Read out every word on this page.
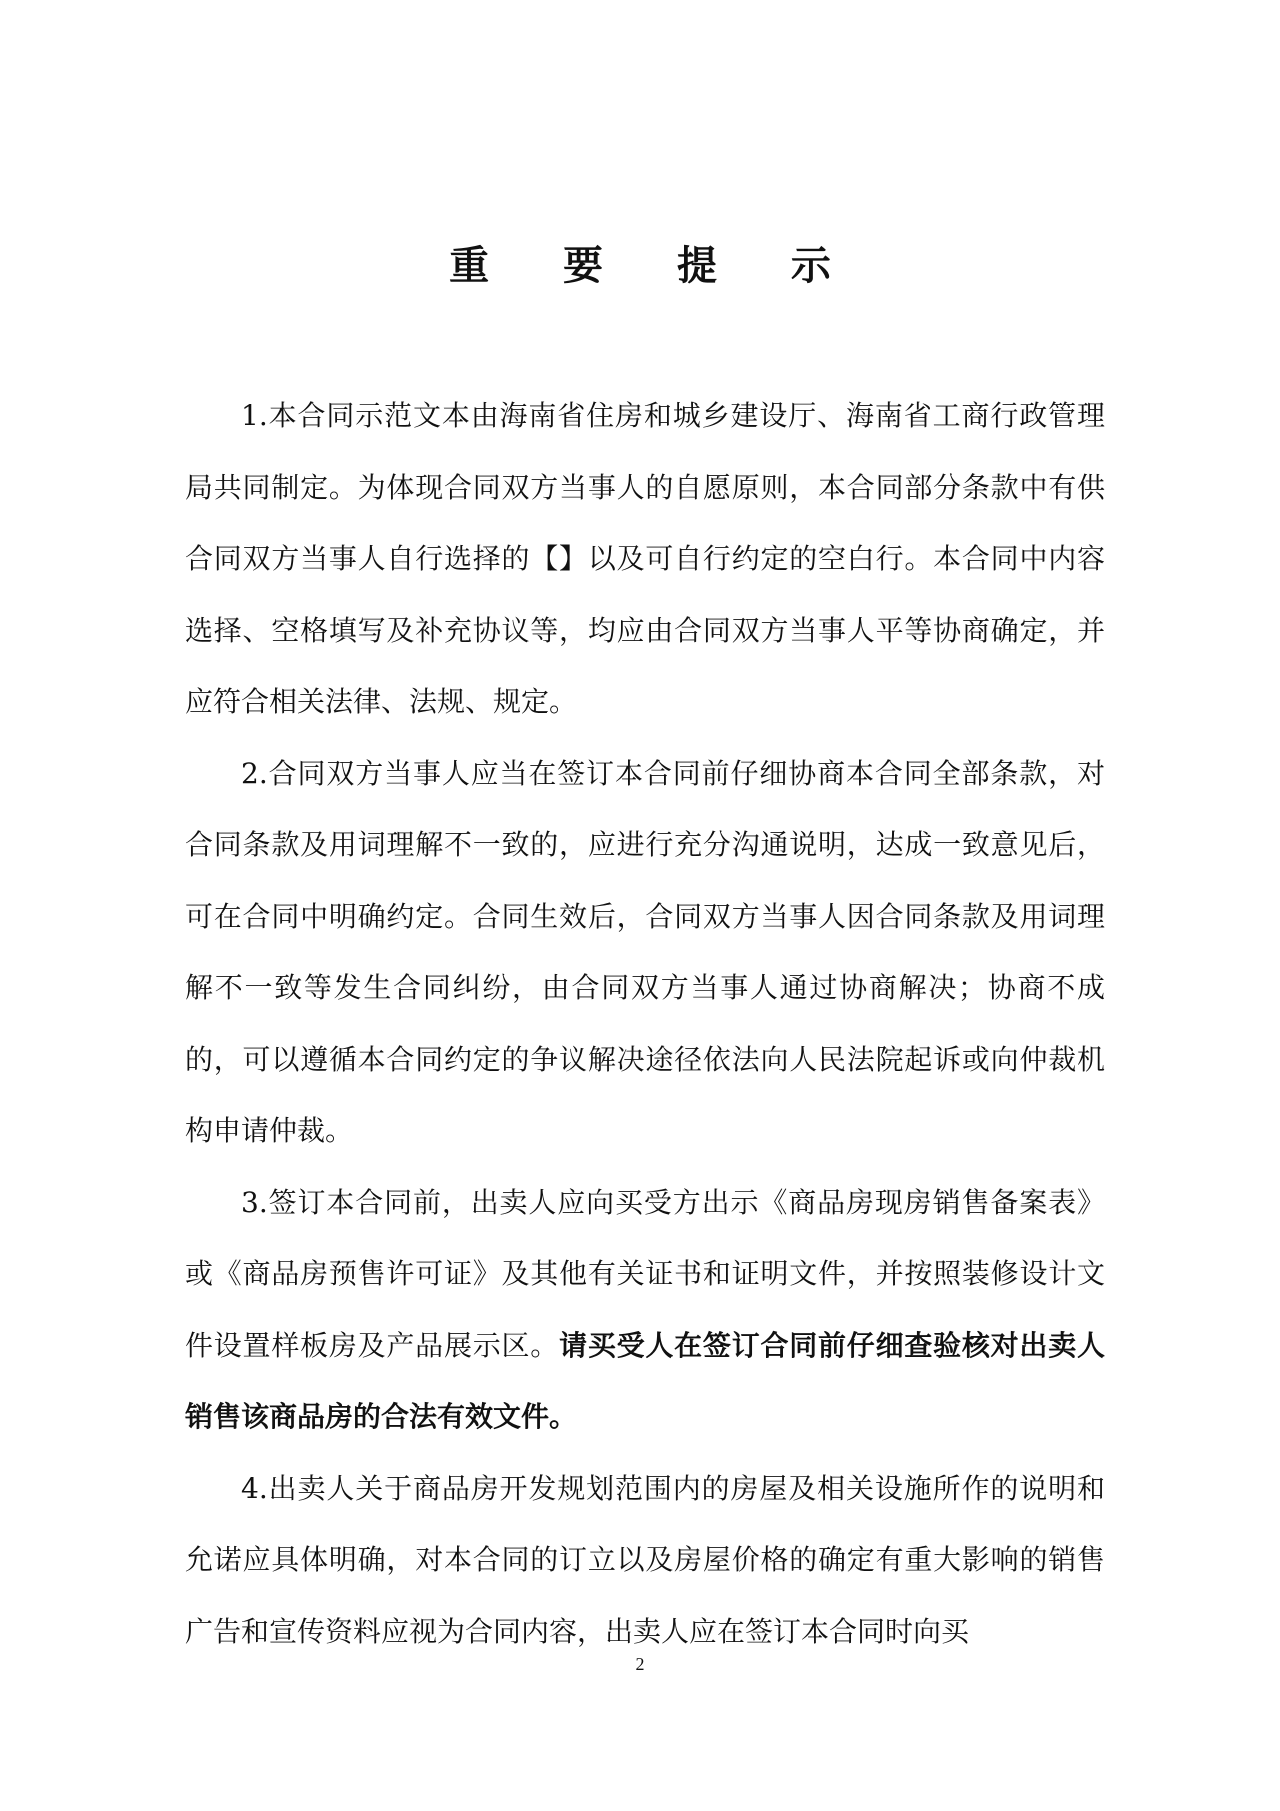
重 要 提 示

1.本合同示范文本由海南省住房和城乡建设厅、海南省工商行政管理局共同制定。为体现合同双方当事人的自愿原则，本合同部分条款中有供合同双方当事人自行选择的【】以及可自行约定的空白行。本合同中内容选择、空格填写及补充协议等，均应由合同双方当事人平等协商确定，并应符合相关法律、法规、规定。

2.合同双方当事人应当在签订本合同前仔细协商本合同全部条款，对合同条款及用词理解不一致的，应进行充分沟通说明，达成一致意见后，可在合同中明确约定。合同生效后，合同双方当事人因合同条款及用词理解不一致等发生合同纠纷，由合同双方当事人通过协商解决；协商不成的，可以遵循本合同约定的争议解决途径依法向人民法院起诉或向仲裁机构申请仲裁。

3.签订本合同前，出卖人应向买受方出示《商品房现房销售备案表》或《商品房预售许可证》及其他有关证书和证明文件，并按照装修设计文件设置样板房及产品展示区。请买受人在签订合同前仔细查验核对出卖人销售该商品房的合法有效文件。

4.出卖人关于商品房开发规划范围内的房屋及相关设施所作的说明和允诺应具体明确，对本合同的订立以及房屋价格的确定有重大影响的销售广告和宣传资料应视为合同内容，出卖人应在签订本合同时向买

2
